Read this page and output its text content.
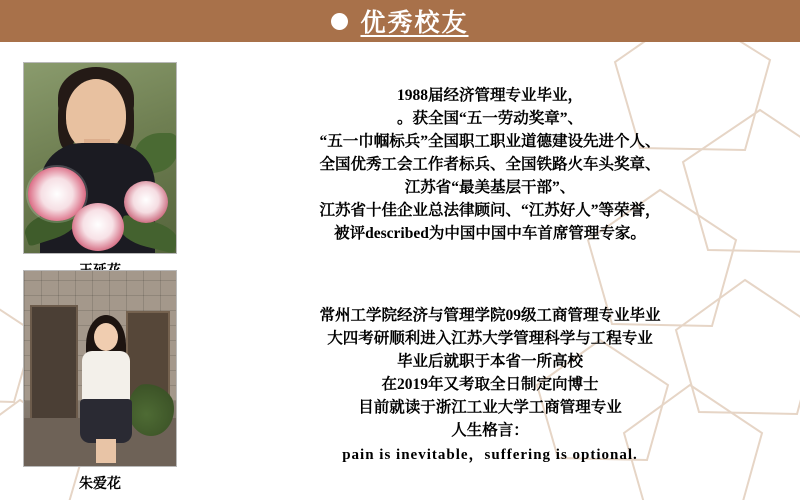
优秀校友
1988届经济管理专业毕业，
。获全国“五一劳动奖章”、
“五一巾帼标兵”全国职工职业道德建设先进个人、
全国优秀工会工作者标兵、全国铁路火车头奖章、
江苏省“最美基层干部”、
江苏省十佳企业总法律顾问、“江苏好人”等荣誉，
被评described为中国中国中车首席管理专家。
朱爱花
常州工学院经济与管理学院09级工商管理专业毕业
大四考研顺利进入江苏大学管理科学与工程专业
毕业后就职于本省一所高校
在2019年又考取全日制定向博士
目前就读于浙江工业大学工商管理专业
人生格言：
pain is inevitable，suffering is optional.
